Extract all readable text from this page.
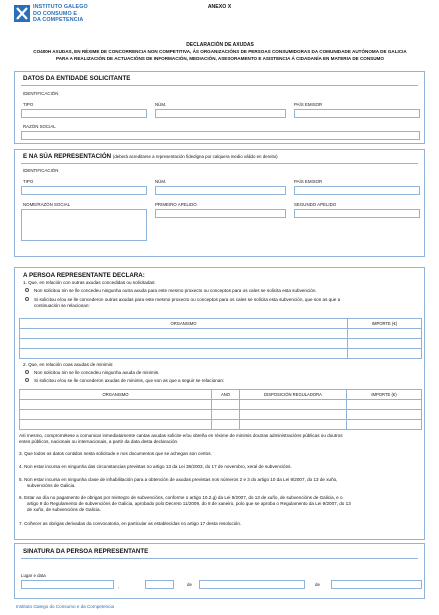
INSTITUTO GALEGO
DO CONSUMO E
DA COMPETENCIA
ANEXO X
DECLARACIÓN DE AXUDAS
CO400H AXUDAS, EN RÉXIME DE CONCORRENCIA NON COMPETITIVA, ÁS ORGANIZACIÓNS DE PERSOAS CONSUMIDORAS DA COMUNIDADE AUTÓNOMA DE GALICIA
PARA A REALIZACIÓN DE ACTUACIÓNS DE INFORMACIÓN, MEDIACIÓN, ASESORAMENTO E ASISTENCIA Á CIDADANÍA EN MATERIA DE CONSUMO
DATOS DA ENTIDADE SOLICITANTE
IDENTIFICACIÓN
TIPO	NÚM.	PAÍS EMISOR
RAZÓN SOCIAL
E NA SÚA REPRESENTACIÓN (deberá acreditarse a representación fidedigna por calquera medio válido en dereito)
IDENTIFICACIÓN
TIPO	NÚM.	PAÍS EMISOR
NOME/RAZÓN SOCIAL	PRIMEIRO APELIDO	SEGUNDO APELIDO
A PERSOA REPRESENTANTE DECLARA:
1. Que, en relación con outras axudas concedidas ou solicitadas:
Non solicitou nin se lle concedeu ningunha outra axuda para este mesmo proxecto ou conceptos para os cales se solicita esta subvención.
Si solicitou e/ou se lle concederon outras axudas para este mesmo proxecto ou conceptos para os cales se solicita esta subvención, que son as que a
continuación se relacionan:
ORGANISMO	IMPORTE (€)

2. Que, en relación coas axudas de minimis:
Non solicitou nin se lle concedeu ningunha axuda de minimis.
Si solicitou e/ou se lle concederon axudas de minimis, que son as que a seguir se relacionan:
ORGANISMO	ANO	DISPOSICIÓN REGULADORA	IMPORTE (€)

Así mesmo, comprométese a comunicar inmediatamente cantas axudas solicite e/ou obteña en réxime de minimis doutras administracións públicas ou doutros
entes públicos, nacionais ou internacionais, a partir da data desta declaración.
3. Que todos os datos contidos nesta solicitude e nos documentos que se achegan son certos.
4. Non estar incursa en ningunha das circunstancias previstas no artigo 13 da Lei 38/2003, do 17 de novembro, xeral de subvencións.
5. Non estar incursa en ningunha clase de inhabilitación para a obtención de axudas previstas nos números 2 e 3 do artigo 10 da Lei 9/2007, do 13 de xuño,
subvencións de Galicia.
6. Estar ao día no pagamento de obrigas por reintegro de subvencións, conforme o artigo 10.2.g) da Lei 9/2007, do 13 de xuño, de subvencións de Galicia, e o
artigo 9 do Regulamento de subvencións de Galicia, aprobado polo Decreto 11/2009, do 8 de xaneiro, polo que se aproba o Regulamento da Lei 9/2007, do 13
de xuño, de subvencións de Galicia.
7. Coñecer as obrigas derivadas da convocatoria, en particular as establecidas no artigo 17 desta resolución.
SINATURA DA PERSOA REPRESENTANTE
Lugar e data
,	de	de
Instituto Galego do Consumo e da Competencia
